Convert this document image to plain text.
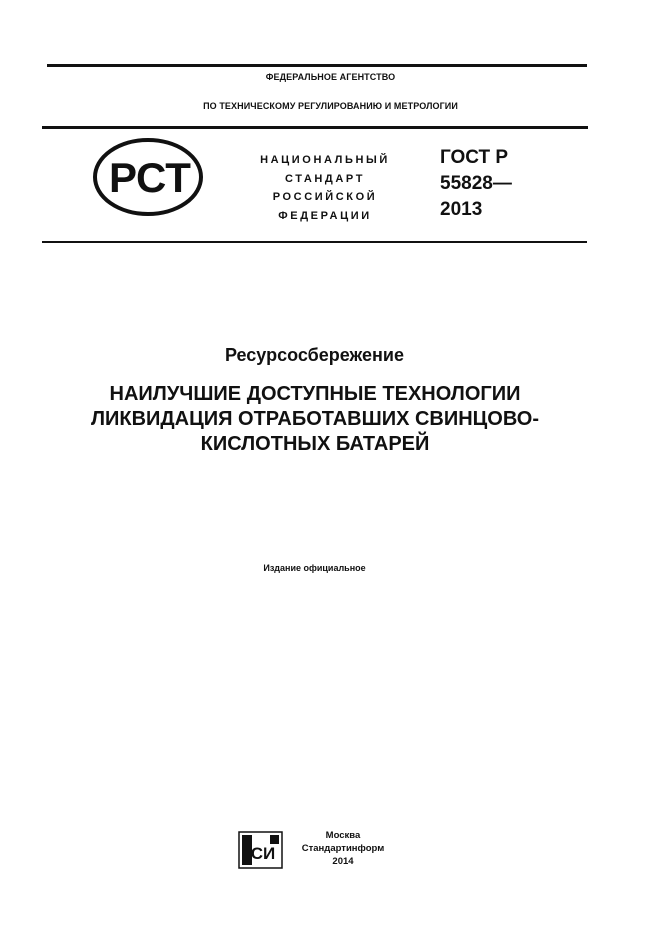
ФЕДЕРАЛЬНОЕ АГЕНТСТВО
ПО ТЕХНИЧЕСКОМУ РЕГУЛИРОВАНИЮ И МЕТРОЛОГИИ
РСТ	НАЦИОНАЛЬНЫЙ
СТАНДАРТ
РОССИЙСКОЙ
ФЕДЕРАЦИИ
ГОСТ Р
55828—
2013
Ресурсосбережение
НАИЛУЧШИЕ ДОСТУПНЫЕ ТЕХНОЛОГИИ
ЛИКВИДАЦИЯ ОТРАБОТАВШИХ СВИНЦОВО-
КИСЛОТНЫХ БАТАРЕЙ
Издание официальное
СИ
Москва
Стандартинформ
2014
